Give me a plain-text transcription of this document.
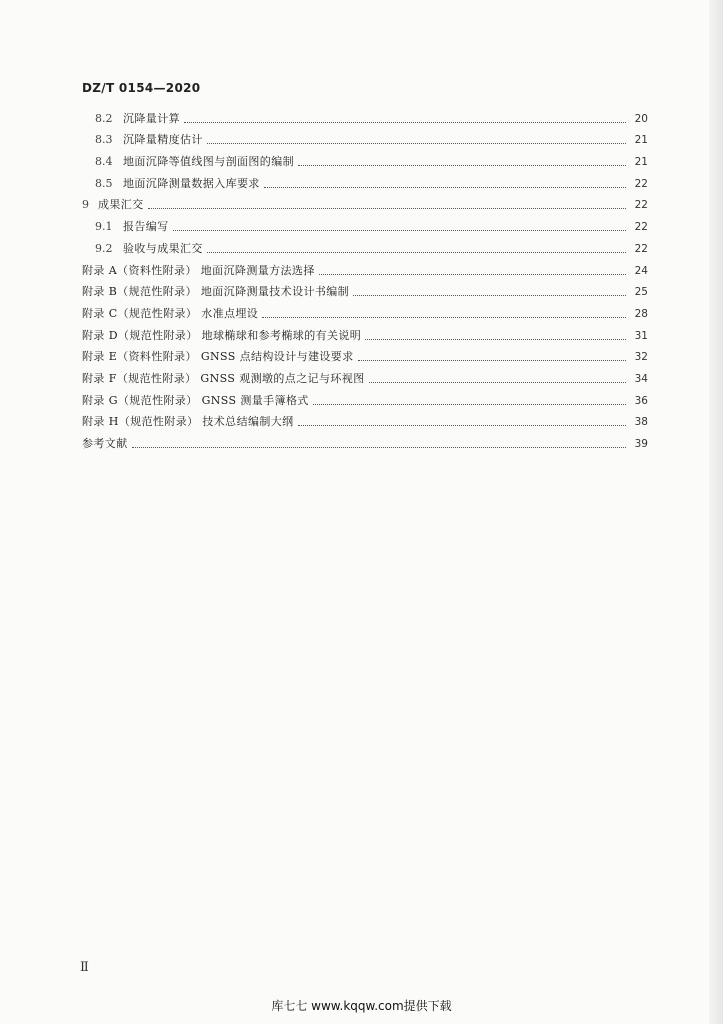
DZ/T 0154—2020
8.2 沉降量计算	20
8.3 沉降量精度估计	21
8.4 地面沉降等值线图与剖面图的编制	21
8.5 地面沉降测量数据入库要求	22
9 成果汇交	22
9.1 报告编写	22
9.2 验收与成果汇交	22
附录 A（资料性附录） 地面沉降测量方法选择	24
附录 B（规范性附录） 地面沉降测量技术设计书编制	25
附录 C（规范性附录） 水准点埋设	28
附录 D（规范性附录） 地球椭球和参考椭球的有关说明	31
附录 E（资料性附录） GNSS 点结构设计与建设要求	32
附录 F（规范性附录） GNSS 观测墩的点之记与环视图	34
附录 G（规范性附录） GNSS 测量手簿格式	36
附录 H（规范性附录） 技术总结编制大纲	38
参考文献	39
Ⅱ
库七七 www.kqqw.com提供下载
